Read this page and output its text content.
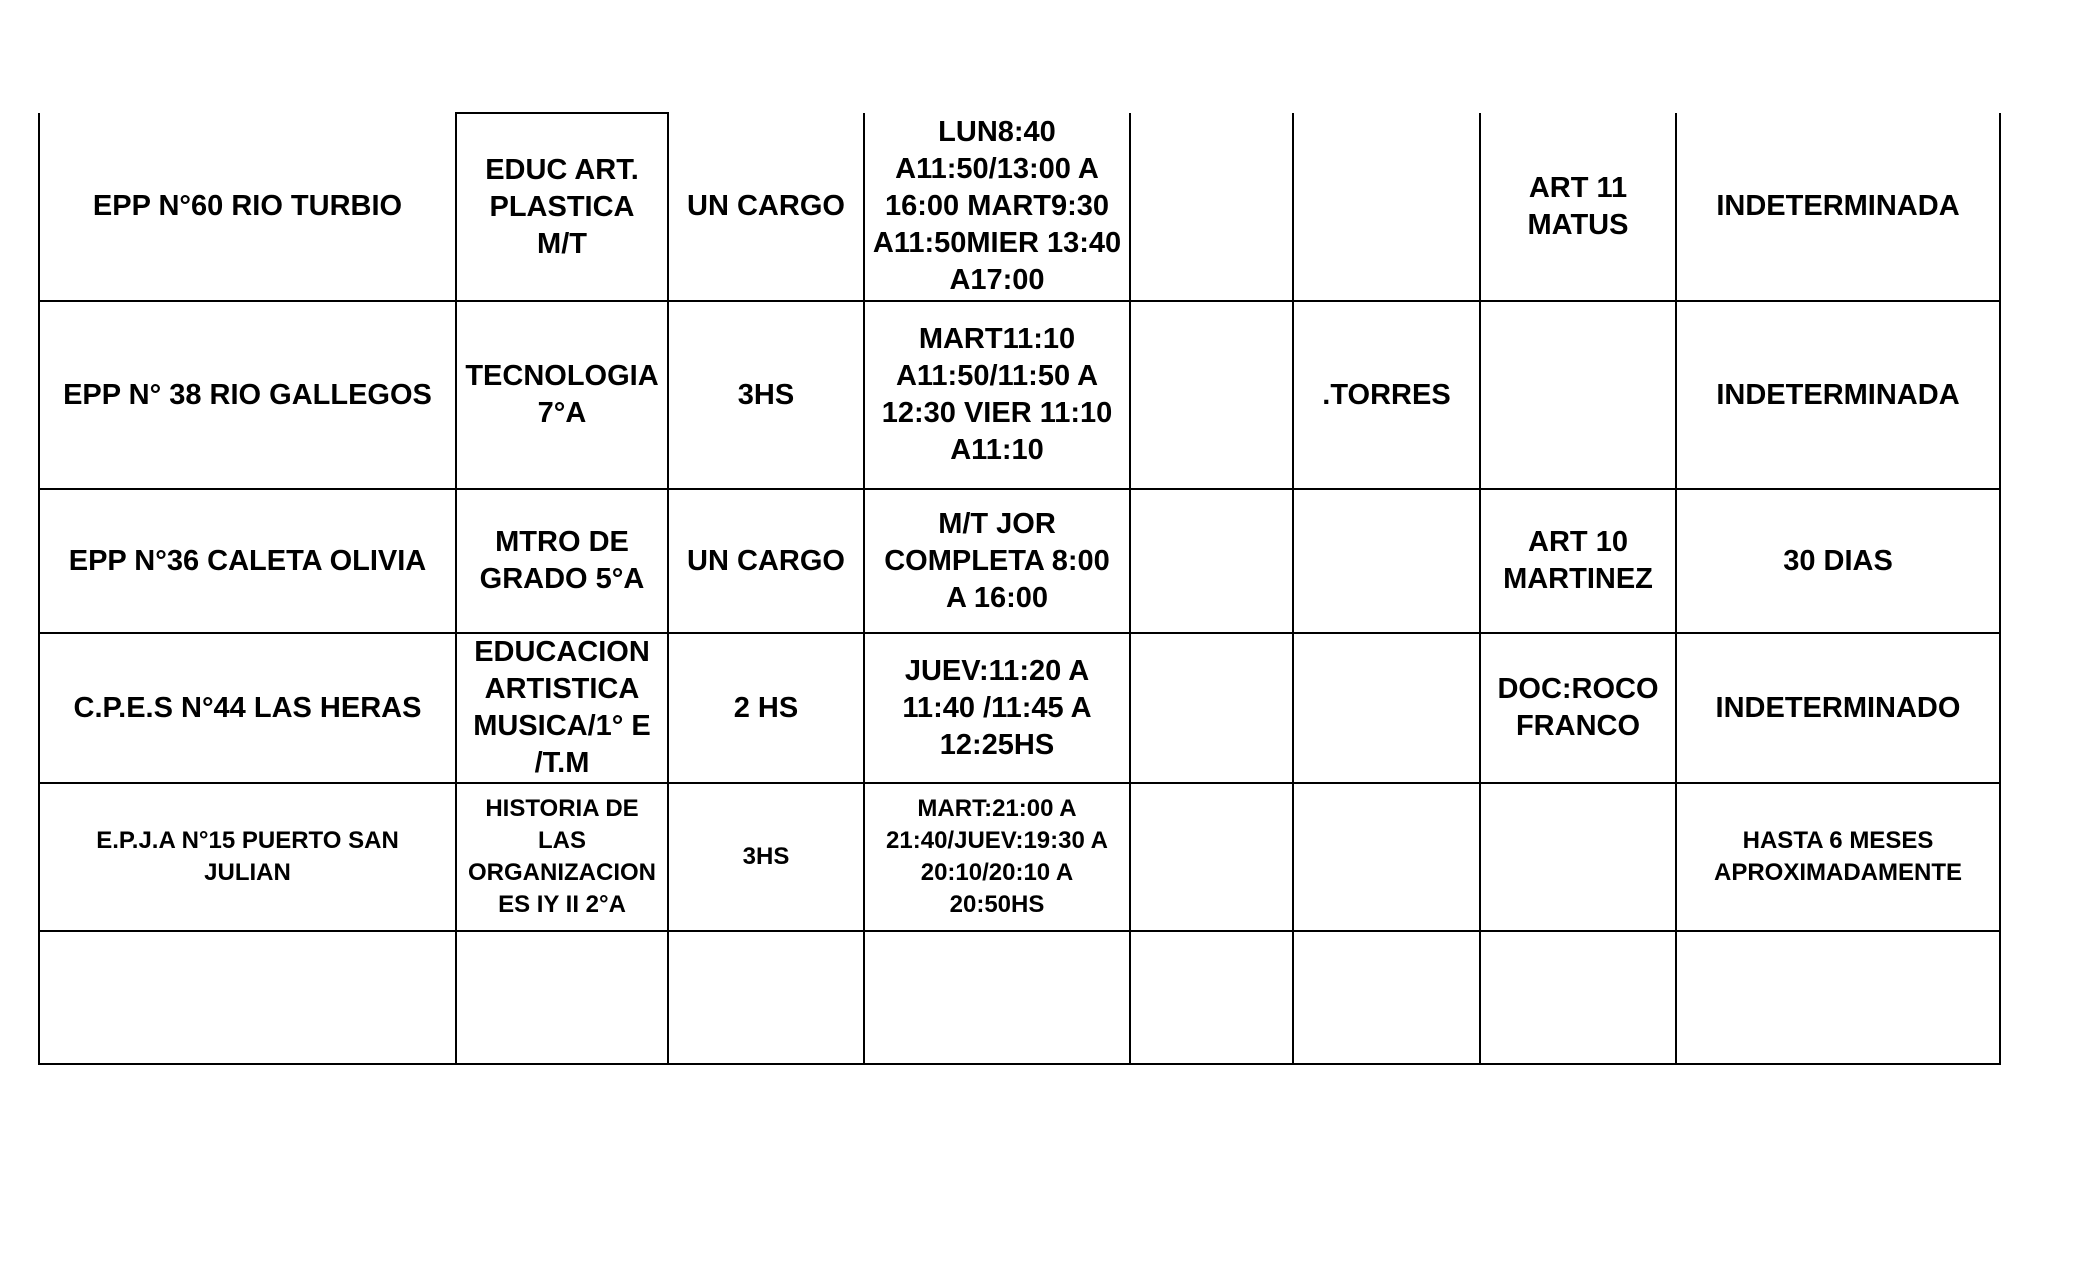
EPP N°60 RIO TURBIO	EDUC ART.
PLASTICA
M/T	UN CARGO	LUN8:40
A11:50/13:00 A
16:00 MART9:30
A11:50MIER 13:40
A17:00			ART 11
MATUS	INDETERMINADA

EPP N° 38 RIO GALLEGOS	TECNOLOGIA
7°A	3HS	MART11:10
A11:50/11:50 A
12:30 VIER 11:10
A11:10		.TORRES		INDETERMINADA

EPP N°36 CALETA OLIVIA	MTRO DE
GRADO 5°A	UN CARGO	M/T JOR
COMPLETA 8:00
A 16:00			ART 10
MARTINEZ	30 DIAS

C.P.E.S N°44 LAS HERAS	EDUCACION
ARTISTICA
MUSICA/1° E
/T.M	2 HS	JUEV:11:20 A
11:40 /11:45 A
12:25HS			DOC:ROCO
FRANCO	INDETERMINADO

E.P.J.A N°15 PUERTO SAN
JULIAN	HISTORIA DE
LAS
ORGANIZACION
ES IY II 2°A	3HS	MART:21:00 A
21:40/JUEV:19:30 A
20:10/20:10 A
20:50HS				HASTA 6 MESES
APROXIMADAMENTE
